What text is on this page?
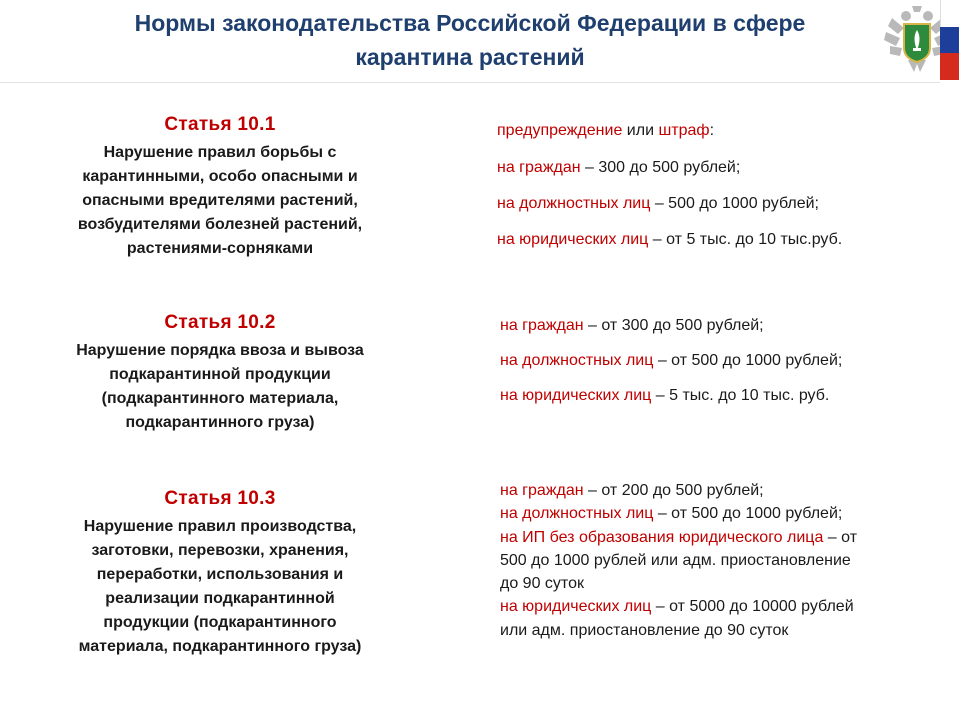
Нормы законодательства Российской Федерации в сфере
карантина растений
Статья 10.1
Нарушение правил борьбы с
карантинными, особо опасными и
опасными вредителями растений,
возбудителями болезней растений,
растениями-сорняками
предупреждение или штраф:
на граждан – 300 до 500 рублей;
на должностных лиц – 500 до 1000 рублей;
на юридических лиц – от 5 тыс. до 10 тыс.руб.
Статья 10.2
Нарушение порядка ввоза и вывоза
подкарантинной продукции
(подкарантинного материала,
подкарантинного груза)
на граждан – от 300 до 500 рублей;
на должностных лиц – от 500 до 1000 рублей;
на юридических лиц – 5 тыс. до 10 тыс. руб.
Статья 10.3
Нарушение правил производства,
заготовки, перевозки, хранения,
переработки, использования и
реализации подкарантинной
продукции (подкарантинного
материала, подкарантинного груза)
на граждан – от 200 до 500 рублей;
на должностных лиц – от 500 до 1000 рублей;
на ИП без образования юридического лица – от
500 до 1000 рублей или адм. приостановление
до 90 суток
на юридических лиц – от 5000 до 10000 рублей
или адм. приостановление до 90 суток
